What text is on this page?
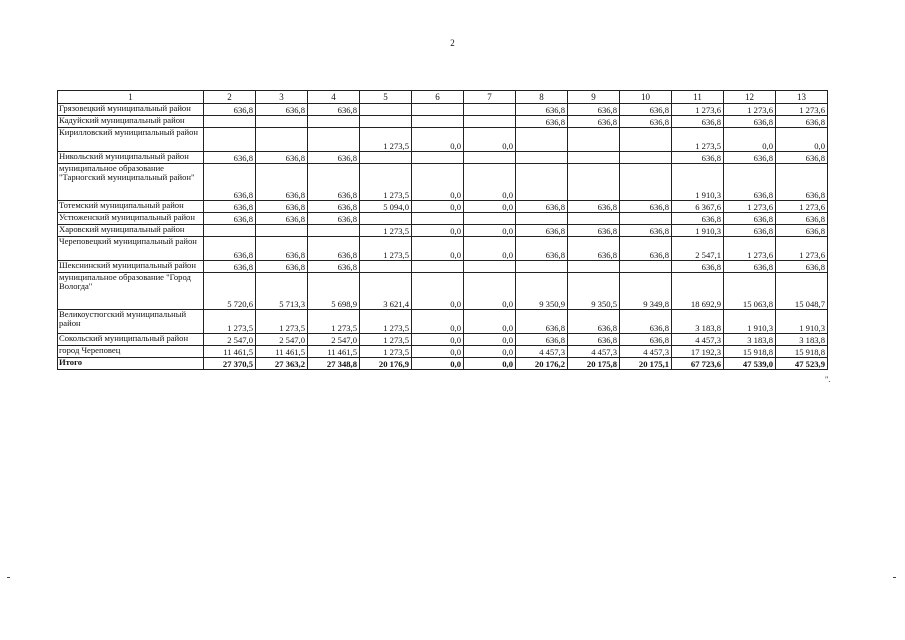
2
1	2	3	4	5	6	7	8	9	10	11	12	13
Грязовецкий муниципальный район	636,8	636,8	636,8				636,8	636,8	636,8	1 273,6	1 273,6	1 273,6
Кадуйский муниципальный район							636,8	636,8	636,8	636,8	636,8	636,8
Кирилловский муниципальный район				1 273,5	0,0	0,0				1 273,5	0,0	0,0
Никольский муниципальный район	636,8	636,8	636,8							636,8	636,8	636,8
муниципальное образование "Тарногский муниципальный район"	636,8	636,8	636,8	1 273,5	0,0	0,0				1 910,3	636,8	636,8
Тотемский муниципальный район	636,8	636,8	636,8	5 094,0	0,0	0,0	636,8	636,8	636,8	6 367,6	1 273,6	1 273,6
Устюженский муниципальный район	636,8	636,8	636,8							636,8	636,8	636,8
Харовский муниципальный район				1 273,5	0,0	0,0	636,8	636,8	636,8	1 910,3	636,8	636,8
Череповецкий муниципальный район	636,8	636,8	636,8	1 273,5	0,0	0,0	636,8	636,8	636,8	2 547,1	1 273,6	1 273,6
Шекснинский муниципальный район	636,8	636,8	636,8							636,8	636,8	636,8
муниципальное образование "Город Вологда"	5 720,6	5 713,3	5 698,9	3 621,4	0,0	0,0	9 350,9	9 350,5	9 349,8	18 692,9	15 063,8	15 048,7
Великоустюгский муниципальный район	1 273,5	1 273,5	1 273,5	1 273,5	0,0	0,0	636,8	636,8	636,8	3 183,8	1 910,3	1 910,3
Сокольский муниципальный район	2 547,0	2 547,0	2 547,0	1 273,5	0,0	0,0	636,8	636,8	636,8	4 457,3	3 183,8	3 183,8
город Череповец	11 461,5	11 461,5	11 461,5	1 273,5	0,0	0,0	4 457,3	4 457,3	4 457,3	17 192,3	15 918,8	15 918,8
Итого	27 370,5	27 363,2	27 348,8	20 176,9	0,0	0,0	20 176,2	20 175,8	20 175,1	67 723,6	47 539,0	47 523,9
".
